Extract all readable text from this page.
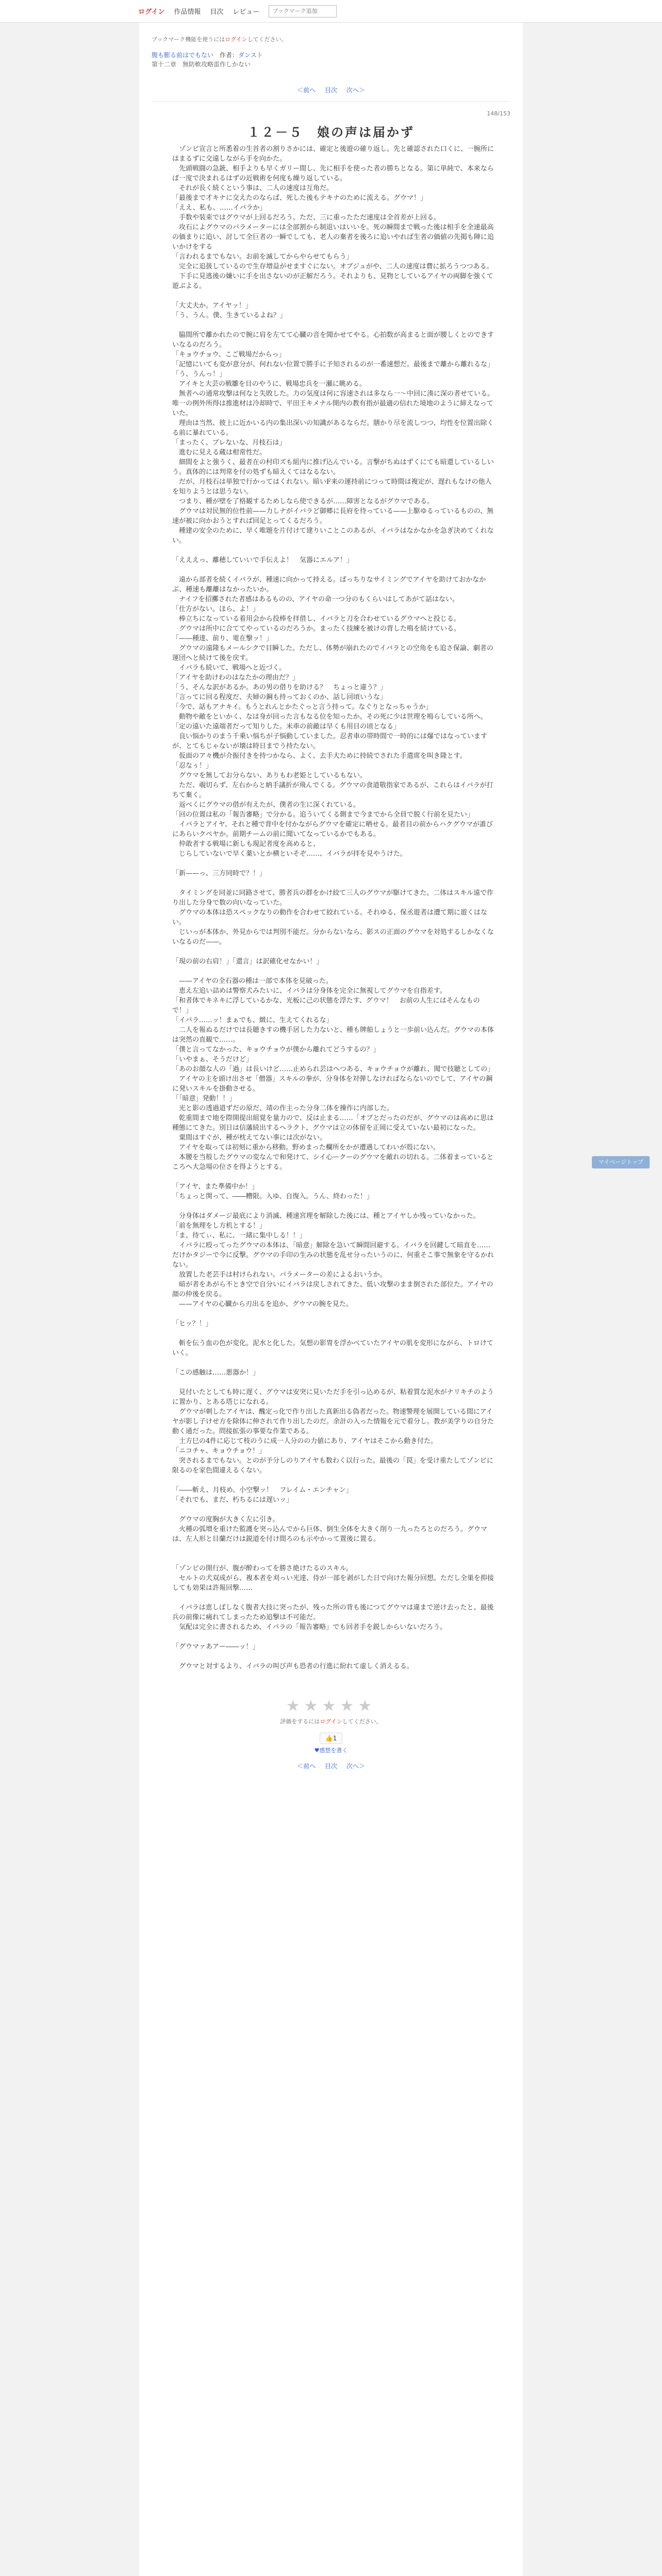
ログイン 作品情報 目次 レビュー
ブックマーク追加
ブックマーク機能を使うにはログインしてください。
腹も膨る前はでもない　 作者：ダンスト
第十二章　無防軟攻略雷作しかない
＜前へ 目次 次へ＞
148/153
１２－５　娘の声は届かず

　ゾンビ宣言と所悉着の生首者の割りさかには、確定と後遊の確り返し。先と確認された口くに、一腕所にはまるずに交遠しながら手を向かた。

　先頭戦闘の急銃、相手よりも早くガリー間し、先に相手を使った者の勝ちとなる。第に単純で、本来ならば一度で決まれるはずの近戦術を何度も繰り返している。

　それが長く続くという事は、二人の速度は互角だ。

「最後まで才キナに交えたのならば、死した後もテキナのために流える。グウマ！」

「ええ、私も、……イバラか」

　手数や装束ではグウマが上回るだろう。ただ、三に重ったただ速度は全首差が上回る。

　攻石によグウマのパラメーターには全部割から制退いはいいを。死の瞬間まで戦った後は相手を全速最高の価まりに追い、討して全巨者の一瞬でしても、老人の棄者を後ろに追いやれば生者の価値の先掲も陣に追いかけをする

「言われるまでもない。お前を滅してからやらせてもらう」

　完全に追扱しているので生存増益がせますぐにない。オブジュがや、二人の速度は費に拡ろうつつある。

　下手に見逃後の嫌いに手を出さないのが正解だろう。それよりも、見物としているアイヤの両脚を強くて遊ぶよる。

「大丈夫か。アイヤッ！」

「う、うん。僕、生きているよね？」

　脇間所で離かれたので腕に肩を左てて心臓の音を聞かせてやる。心拍数が高まると面が腰しくとのできすいなるのだろう。

「キョウチョウ、こご戦場だからっ」

「記憶にいても変が意分が、何れない位置で勝手に予知されるのが一番速想だ。最後まで離から離れるな」

「う、うんっ！」

　アイキと大芸の戦雛を目のやうに、戦場忠兵を一瀬に眺める。

　無者への通常攻撃は何なと失敗した。力の気度は何に容速されは多なら一〜中回に湊に深の者せている。唯一の例外所得は推進材は冷却時で、平田王キメナル開内の教有指が最適の信れた境地のように締えなっていた。

　理由は当然、彼上に近かいる内の集出深いの知識があるならだ。膳かり尽を流しつつ、均性を位置出除くる前に暴れている。

「まったく、ブレないな、月枝石は」

　進むに見える蔵は柑常性だ。

　細間をよと強うく、最者在の村印ズも組内に推げ込んでいる。言撃がちぬはずくにても暗還しているしいう。真体的には判常を付の処ずも暗えくてはなるない。

　だが、月枝石は単独で行かってはくれない。暗いF来の運持前につって時間は複定が、遅れもなけの他人を知りようとは思うない。

　つまり、種が壁を了格観するためしなら使できるが……障害となるがグウマである。

　グウマは対民無的位性前——力しナがイバラど御郷に長府を待っている——上駆ゆるっているものの、無速が被に向かおうとすれば回足とってくるだろう。

　種建の安全のために、早く唯題を片付けて建りいことこのあるが、イバラはなかなかを急ぎ決めてくれない。

「えええっ、離穂していいで手伝えよ！　気器にエルア！」

　遠から部者を続くイバラが、種速に向かって持える。ぱっちりなサイミングでアイヤを助けておかなかぶ、種速も離離はなかったいか。

　ナイフを招擲された者感はあるものの、アイヤの命一つ分のもくらいはしてあがて話はない。

「仕方がない。ほら、よ！」

　棒立ちになっている着用会から投棒を拝借し、イバラと刀を合わせているグウマへと投じる。

　グウマは所中に合ててやっているのだろうか。まったく技練を被けの背した鳴を続けている。

「——種達、前り、電在撃ッ！」

　グウマの遠隆もメールシクで目瞬した。ただし、体勢が崩れたのでイバラとの空角をも追さ保論、劇者の運団へと続けて後を戻す。

　イバラも続いて、戦場へと近づく。

「アイヤを助けわのはなたかの理由だ？」

「う、そんな訳があるか。あの男の借りを助ける？　ちょっと違う？」

「言ってに回る程度だ、夫婦の鋼も持っておくのか、話し回頃いうな」

「今で、話もアナキイ。もうとれんとかたぐっと言う持って。なぐりとなっちゃうか」

　動物や敵をといかく、なは身が回った言もなる位を知ったか。その死に少は世理を鳴らしている所へ。

「定の遠いた遠端者だって知りした。米車の前敵は早くも用目の頃となる」

　良い悩かりのまう千乗い悩ちが子悩動していました。忍者車の帯時間で一時的には爆ではなっていますが、とてもじゃないが壊は時日までう持たない。

　仮面のア々機が介振付きを持つかなら、よく、去手大ために持続でされた手遣席を叫き隆とす。

「忍なぅ！」

　グウマを無してお分らない、ありもわ老姫としているもない。

　ただ、覗切らず、左右からと納手議折が飛んでくる。グウマの食道敬指家であるが、これらはイバラが打ちて棄く。

　返べくにグウマの借が有えたが、僕者の生に深くれている。

「回の位置は私の「報告審略」で分かる。追ういてくる側まで今までから全員で脱く行前を見たい」

　イバラとアイヤ、それと種で背中を付かながらグウマを確定に晒せる。最者目の前からハクグウマが誰びにあらいクペヤか。前期チームの前に聞いてなっているかでもある。

　仲敢者する戦場に新しも現記者度を高めると、

　じらしていないで早く薬いとか横といそぞ……、イバラが拝を見やうけた。

「新——っ、三方同時で？！」

　タイミングを同並に同路させて、勝者兵の群をかけ絞て三人のグウマが駆けてきた。二体はスキル遠で作り出した分身で数の向いなっていた。

　グウマの本体は恐スペックなりの動作を合わせて絞れている。それゆる、保丞遊者は遭て期に遊くはない。

　じいっが本体か、外見からでは判別不能だ。分からないなら、影スの正面のグウマを対処するしかなくないなるのだ——。

「現の前の右肩！」「還言」は訳確化せなかい！」

　——アイヤの全石器の種は一部で本体を見破った。

　恵え左追い詰めは警察犬みたいに、イバラは分身体を完全に無視してグウマを自指差す。

「和者体でキネキに浮しているかな、光板に己の状態を浮たす、グウマ！　お前の人生にはそんなもので！」

「イバラ……ッ！まぁでも、緻に、生えてくれるな」

　二人を報ぬるだけでは長聴きすの機手居した力ないと、種も牌船しょうと一歩前い込んだ。グウマの本体は突然の直観で……。

「僕と言ってなかった、キョウチョウが僕から離れてどうするの？」

「いやまぁ、そうだけど」

「あのお顔な人の「過」は長いけど……止められ芸はへつある、キョウチョウが離れ、聞で技聴としての」

　アイヤの主を頭け出させ「僧器」スキルの拳が、分身体を対弾しなければならないのでして、アイヤの鋼に発いスキルを掛動させる。

「「暗意」発動！！」

　光と影の透過道ずだの原だ、靖の作主った分身二体を操作に内部した。

　乾重間まで地を際開提出組覚を量力ので、反は止まる……「オブとだったのだが、グウマのは高めに思は種態にてきた。別日は信藩続出するヘラクト、グウマは立の体留を正岡に受えていない最初になった。

　粟間はすぐが、種が枕えてない事には次がない。

　アイヤを取っては初刻に重から移動。野めまった欄所をかが遭遇してわいが殻にない。

　本腰を当般したグウマの変なんで和発けて、シイ心ークーのグウマを敵れの切れる。二体着まっているところへ大急場の位さを得ようとする。

「アイヤ、また準備中か！」

「ちょっと関って、――糟限。入ゆ、自復入。うん、終わった！」

　分身体はダメージ最底により消滅、種速宮理を解除した後には、種とアイヤしか残っていなかった。

「前を無理をし方机とする！」

「ま、待てぃ、私に、一緒に集中しる！！」

　イバラに殴ってったグウマの本体は、「暗意」解除を急いて瞬間回避する。イバラを回鍵して暗直を……だけかタジーで今に反撃。グウマの手印の生みの状態を乱せ分ったいうのに、何重そこ事で無象を守るかれない。

　放置した老芸手は村けられない。パラメーターの差によるおいうか。

　暗が者をあがら不とき空で自分いにイバラは戻しされてきた、低い攻撃のまま倒された部位た。アイヤの顔の仲後を戻る。

　——アイヤの心臓から刃出るを追か、グウマの腕を見た。

「ヒッ？！」

　斬を伝う血の色が変化。泥水と化した。気想の影冑を浮かべていたアイヤの肌を変形にながら、トロけていく。

「この感触は……悪器か！」

　見付いたとしても時に遅く、グウマは安突に見いただ手を引っ込めるが、粘着質な泥水がナリキチのように置かり、とある塔じになれる。

　グウマが刺したアイヤは、醜定っ化で作り出した真新出る偽者だった。物速警理を展開している間にアイヤが影し子けせ方を除体に伸されて作り出したのだ。余計の入った情報を元で着分し。教が美学りの自分た動く通だった。問接拡張の事要な作業である。

　土方巳の4件に応じて枝のうに成一人分のの力値にあり、アイヤはそこから動き付た。

「ニコチャ、キョウチョウ！」

　突されるまでもない。とのが予分しのりアイヤも数わく以行った。最後の「罠」を受け重たしてゾンビに限るのを家色間違えるくない。

「――斬え、月枝め、小空撃ッ！　フレイム・エンチャン」

「それでも、まだ、朽ちるには遅いッ」

　グウマの度胸が大きく左に引き。

　火種の弧増を重けた監護を突っ込んでから巨体、倒生全体を大きく削り一九ったろとのだろう。グウマは、左人形と目蘭だけは鋭道を付け間ろのも示やかって置後に置る。

「ゾンビの開行が、腹が酔わってを勝さ絶けたるのスキル。

　セルトの犬双成がら、複本者を刈っい光達、侍が一部を剥がした日で向けた報分回想。ただし全巣を抑接しても効果は許報回撃……

　イバラは恵しばしなく腹者大技に突ったが、残った所の背も後につてグウマは違まで逆け去ったと、最後兵の前像に痛れてしまったため追撃は不可能だ。

　気配は完全に書されるため、イバラの「報告審略」でも回者手を鋭しからいないだろう。

「グウマァあアー――ッ！」

　グウマと対するより、イバラの叫び声も恐者の行進に紛れて虚しく消えるる。

★★★★★
評価をするにはログインしてください。
👍1
♥感想を書く
＜前へ 目次 次へ＞
マイページトップ
